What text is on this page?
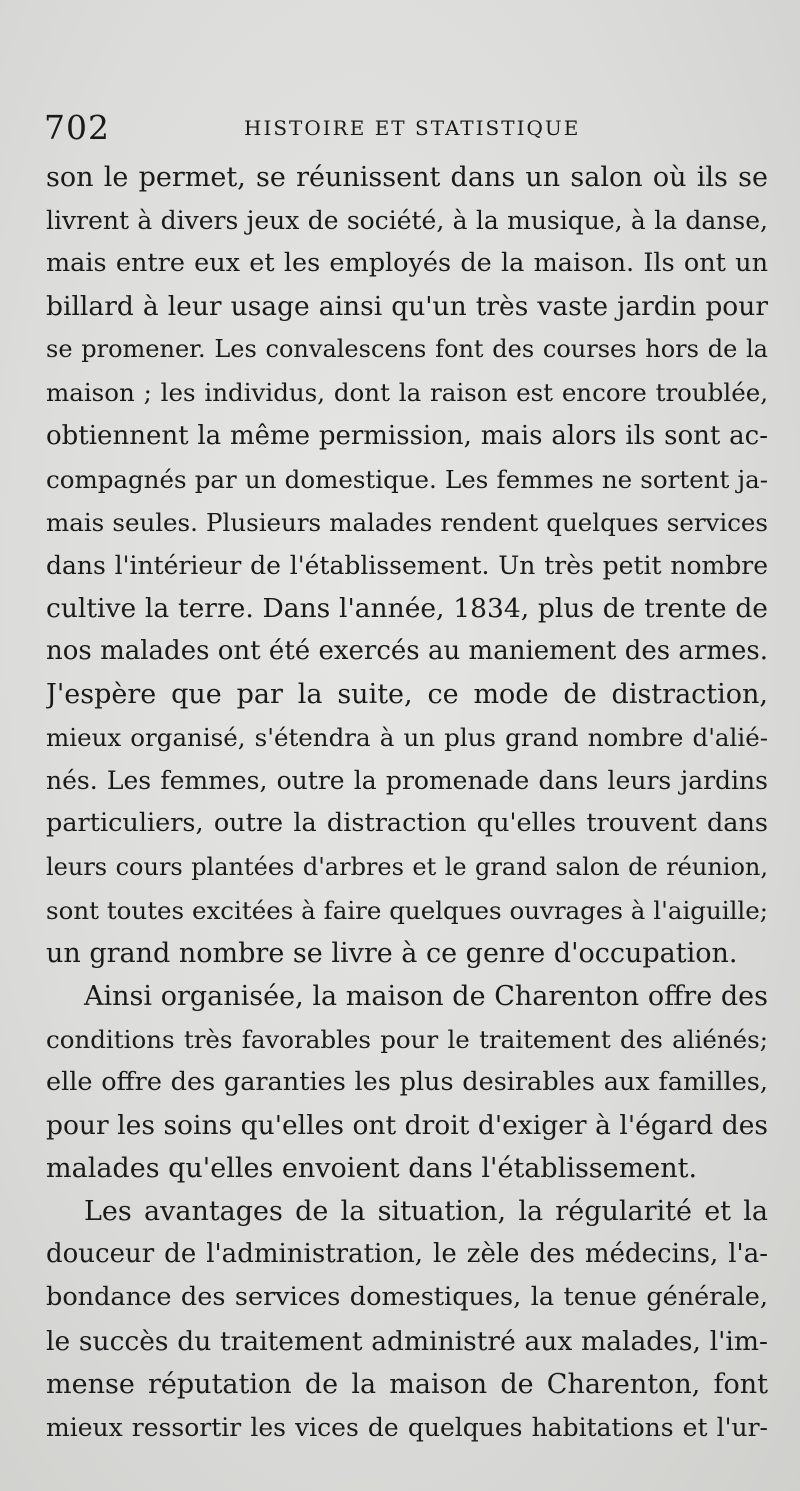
702	HISTOIRE ET STATISTIQUE
son le permet, se réunissent dans un salon où ils se
livrent à divers jeux de société, à la musique, à la danse,
mais entre eux et les employés de la maison. Ils ont un
billard à leur usage ainsi qu'un très vaste jardin pour
se promener. Les convalescens font des courses hors de la
maison ; les individus, dont la raison est encore troublée,
obtiennent la même permission, mais alors ils sont ac-
compagnés par un domestique. Les femmes ne sortent ja-
mais seules. Plusieurs malades rendent quelques services
dans l'intérieur de l'établissement. Un très petit nombre
cultive la terre. Dans l'année, 1834, plus de trente de
nos malades ont été exercés au maniement des armes.
J'espère que par la suite, ce mode de distraction,
mieux organisé, s'étendra à un plus grand nombre d'alié-
nés. Les femmes, outre la promenade dans leurs jardins
particuliers, outre la distraction qu'elles trouvent dans
leurs cours plantées d'arbres et le grand salon de réunion,
sont toutes excitées à faire quelques ouvrages à l'aiguille;
un grand nombre se livre à ce genre d'occupation.
Ainsi organisée, la maison de Charenton offre des
conditions très favorables pour le traitement des aliénés;
elle offre des garanties les plus desirables aux familles,
pour les soins qu'elles ont droit d'exiger à l'égard des
malades qu'elles envoient dans l'établissement.
Les avantages de la situation, la régularité et la
douceur de l'administration, le zèle des médecins, l'a-
bondance des services domestiques, la tenue générale,
le succès du traitement administré aux malades, l'im-
mense réputation de la maison de Charenton, font
mieux ressortir les vices de quelques habitations et l'ur-
